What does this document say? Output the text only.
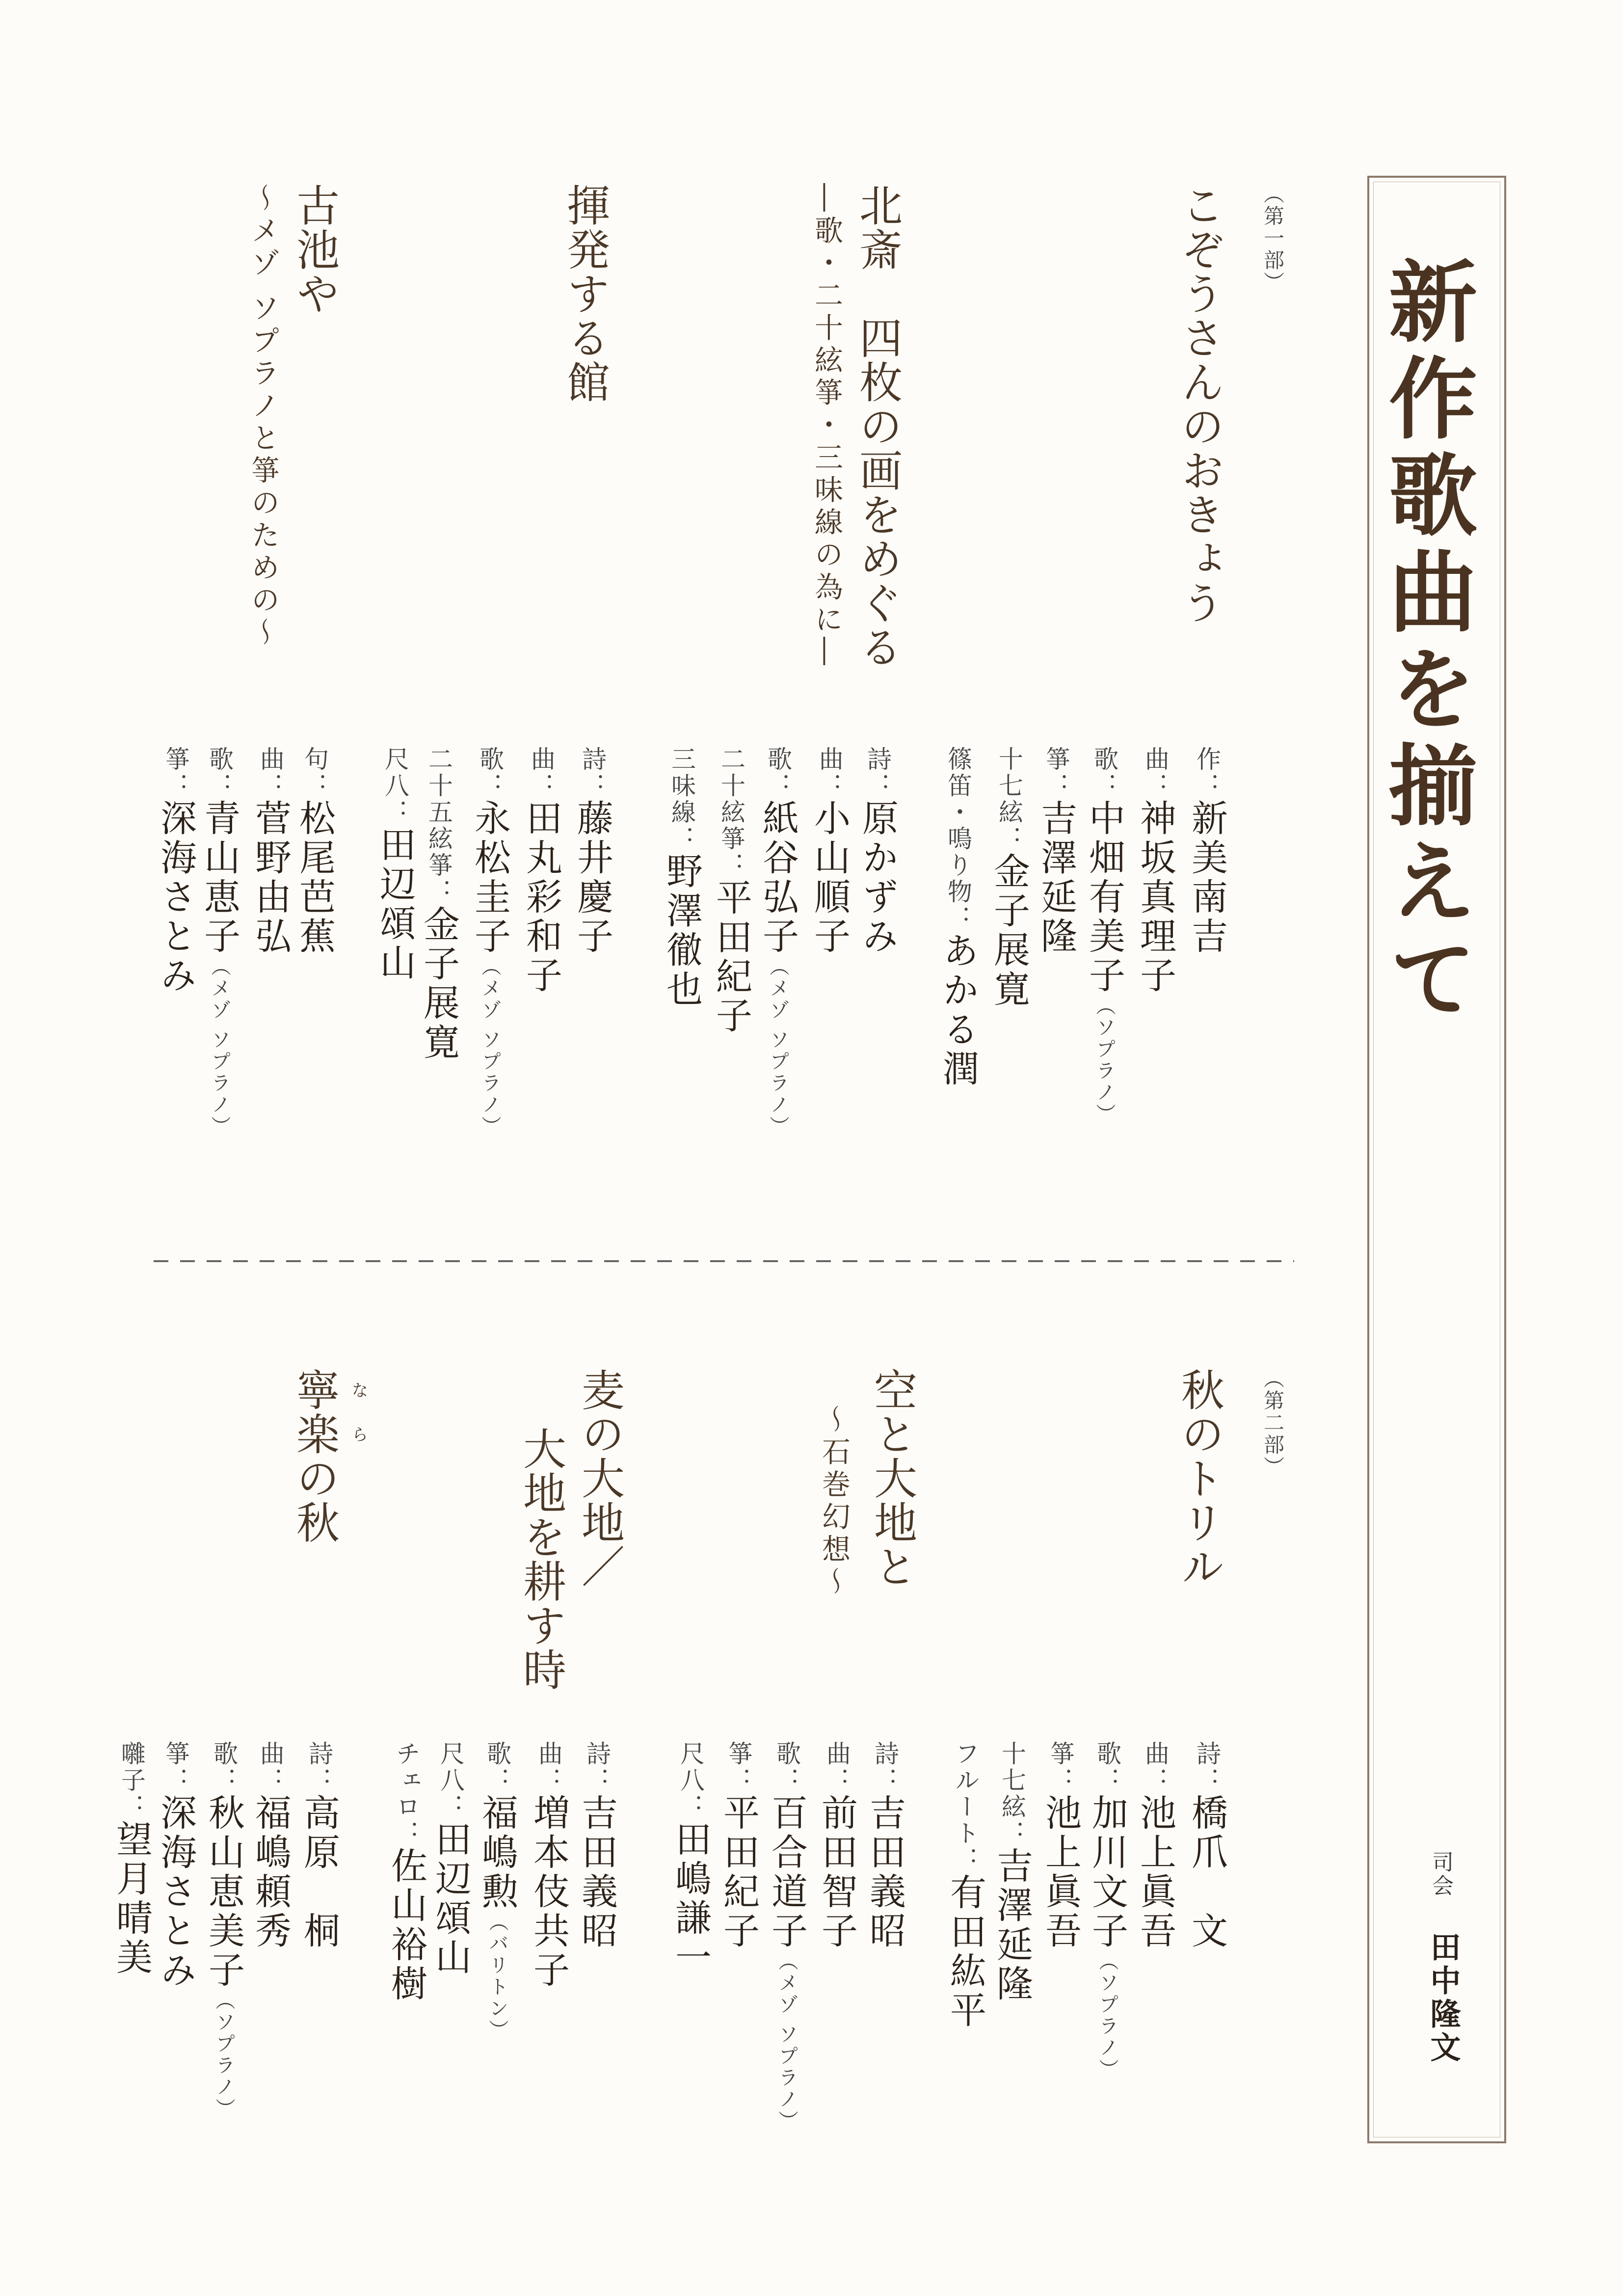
新作歌曲を揃えて
司会
田中隆文
（第一部）
こぞうさんのおきょう
北斎　四枚の画をめぐる
―歌・二十絃箏・三味線の為に―
揮発する館
古池や
～メゾ ソプラノと箏のための～
作：新美南吉
曲：神坂真理子
歌：中畑有美子（ソプラノ）
箏：吉澤延隆
十七絃：金子展寛
篠笛・鳴り物：あかる潤
詩：原かずみ
曲：小山順子
歌：紙谷弘子（メゾ ソプラノ）
二十絃箏：平田紀子
三味線：野澤徹也
詩：藤井慶子
曲：田丸彩和子
歌：永松圭子（メゾ ソプラノ）
二十五絃箏：金子展寛
尺八：田辺頌山
句：松尾芭蕉
曲：菅野由弘
歌：青山恵子（メゾ ソプラノ）
箏：深海さとみ
（第二部）
秋のトリル
空と大地と
～石巻幻想～
麦の大地／
大地を耕す時
寧楽の秋 なら
詩：橋爪　文
曲：池上眞吾
歌：加川文子（ソプラノ）
箏：池上眞吾
十七絃：吉澤延隆
フルート：有田紘平
詩：吉田義昭
曲：前田智子
歌：百合道子（メゾ ソプラノ）
箏：平田紀子
尺八：田嶋謙一
詩：吉田義昭
曲：増本伎共子
歌：福嶋勲（バリトン）
尺八：田辺頌山
チェロ：佐山裕樹
詩：高原　桐
曲：福嶋頼秀
歌：秋山恵美子（ソプラノ）
箏：深海さとみ
囃子：望月晴美
